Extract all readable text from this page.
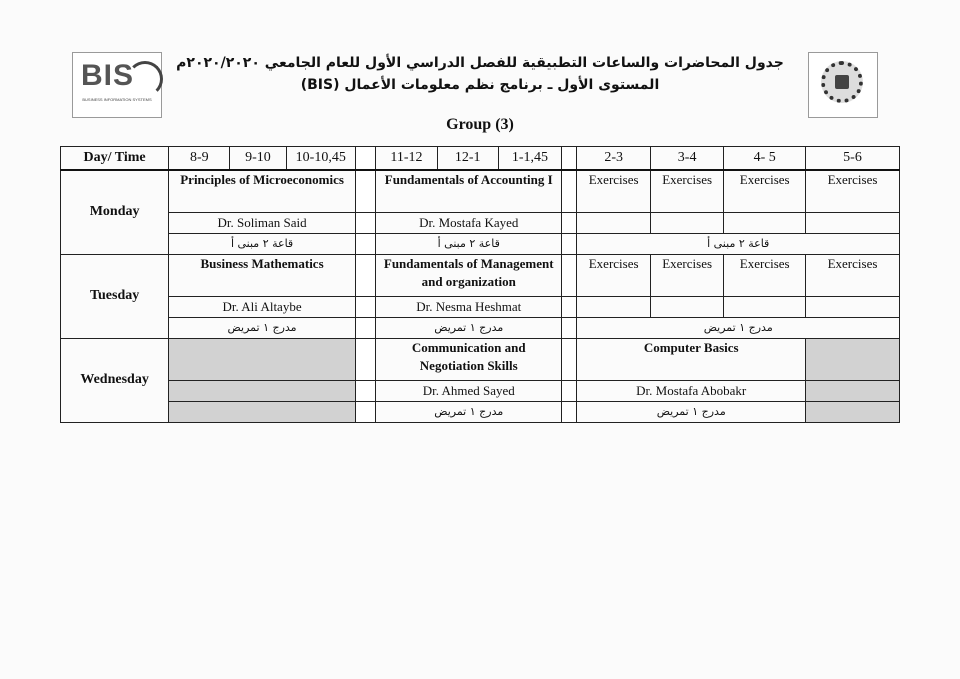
BIS
BUSINESS INFORMATION SYSTEMS
جدول المحاضرات والساعات التطبيقية للفصل الدراسي الأول للعام الجامعي ٢٠٢٠/٢٠٢٠م
المستوى الأول ـ برنامج نظم معلومات الأعمال (BIS)
Group (3)
Day/ Time	8-9	9-10	10-10,45		11-12	12-1	1-1,45		2-3	3-4	4- 5	5-6
Monday	Principles of Microeconomics				Fundamentals of Accounting I				Exercises	Exercises	Exercises	Exercises
	Dr. Soliman Said				Dr. Mostafa Kayed							
	قاعة ٢ مبنى أ				قاعة ٢ مبنى أ				قاعة ٢ مبنى أ			
Tuesday	Business Mathematics				Fundamentals of Management and organization				Exercises	Exercises	Exercises	Exercises
	Dr. Ali Altaybe				Dr. Nesma Heshmat							
	مدرج ١ تمريض				مدرج ١ تمريض				مدرج ١ تمريض			
Wednesday					Communication and Negotiation Skills				Computer Basics			
					Dr. Ahmed Sayed				Dr. Mostafa Abobakr			
					مدرج ١ تمريض				مدرج ١ تمريض			
